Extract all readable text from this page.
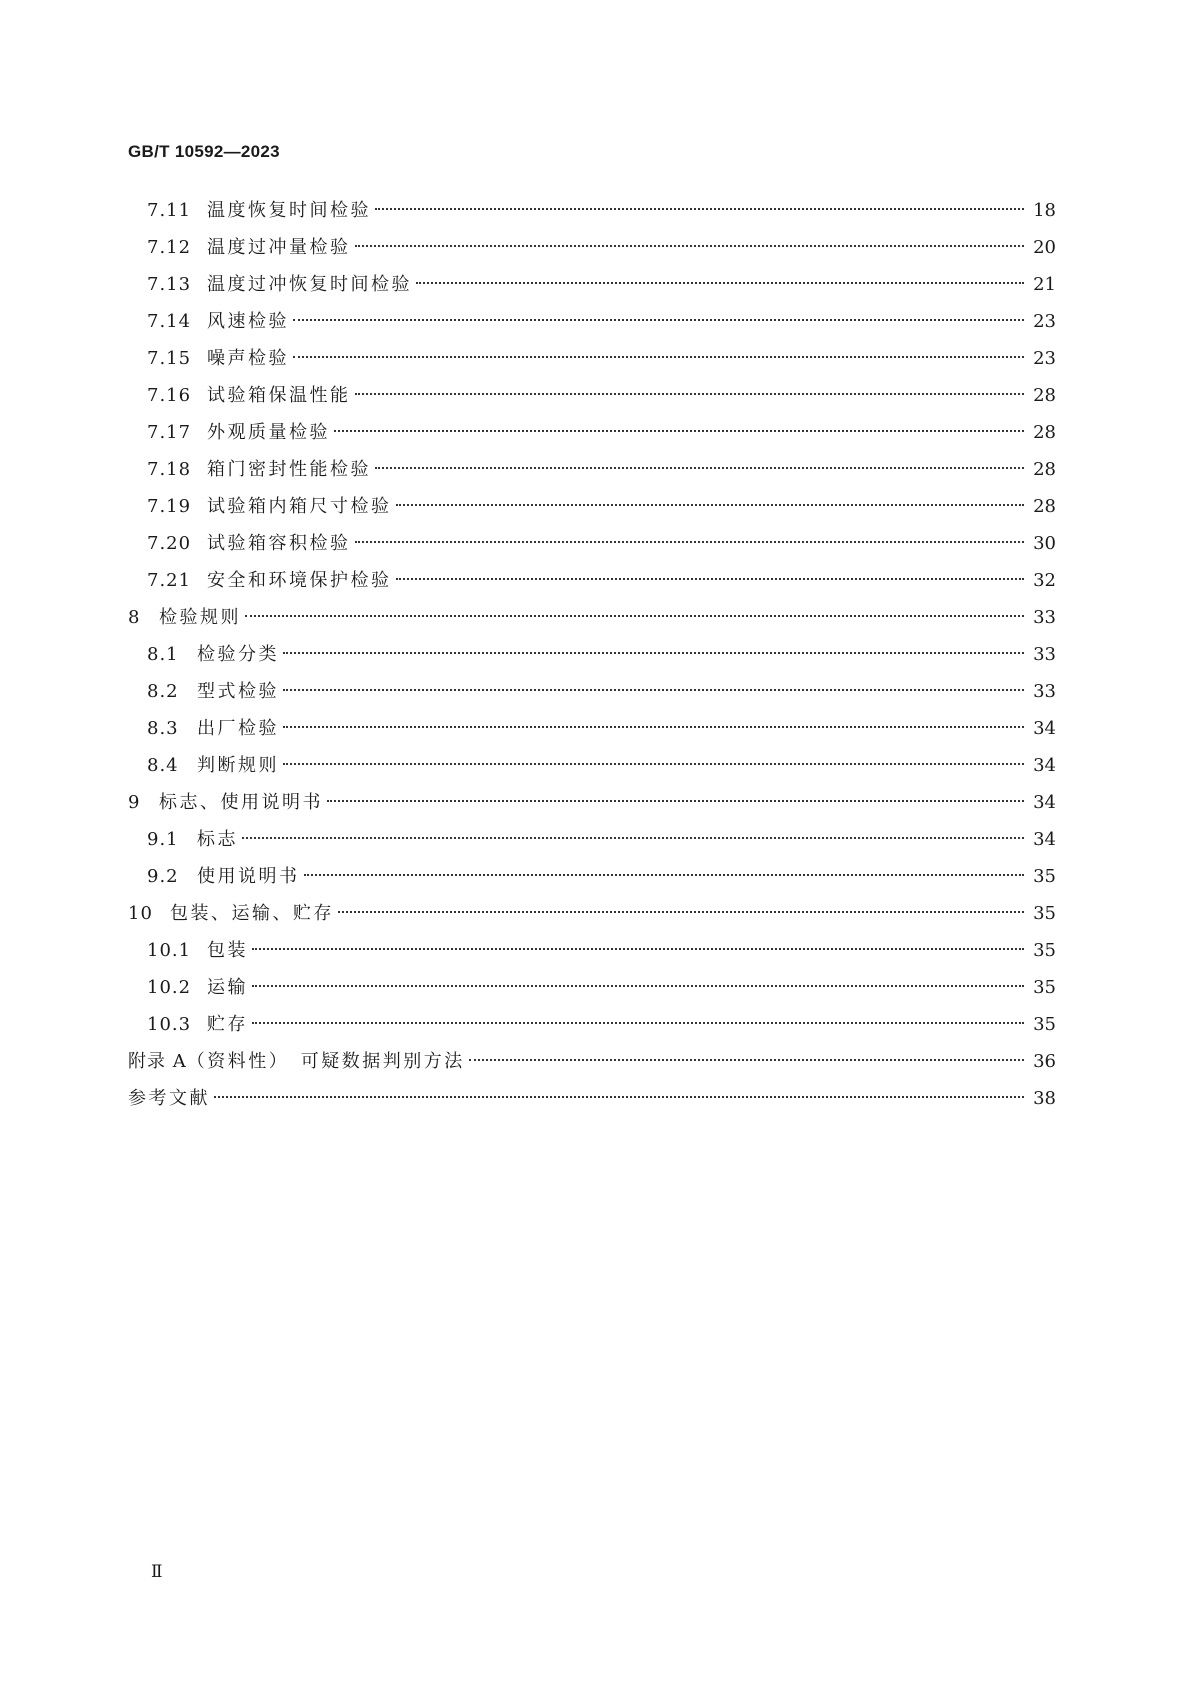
GB/T 10592—2023
7.11 温度恢复时间检验	18
7.12 温度过冲量检验	20
7.13 温度过冲恢复时间检验	21
7.14 风速检验	23
7.15 噪声检验	23
7.16 试验箱保温性能	28
7.17 外观质量检验	28
7.18 箱门密封性能检验	28
7.19 试验箱内箱尺寸检验	28
7.20 试验箱容积检验	30
7.21 安全和环境保护检验	32
8	检验规则	33
8.1	检验分类	33
8.2	型式检验	33
8.3	出厂检验	34
8.4	判断规则	34
9	标志、使用说明书	34
9.1	标志	34
9.2	使用说明书	35
10 包装、运输、贮存	35
10.1 包装	35
10.2 运输	35
10.3 贮存	35
附录 A （资料性）　可疑数据判别方法	36
参考文献	38
Ⅱ
